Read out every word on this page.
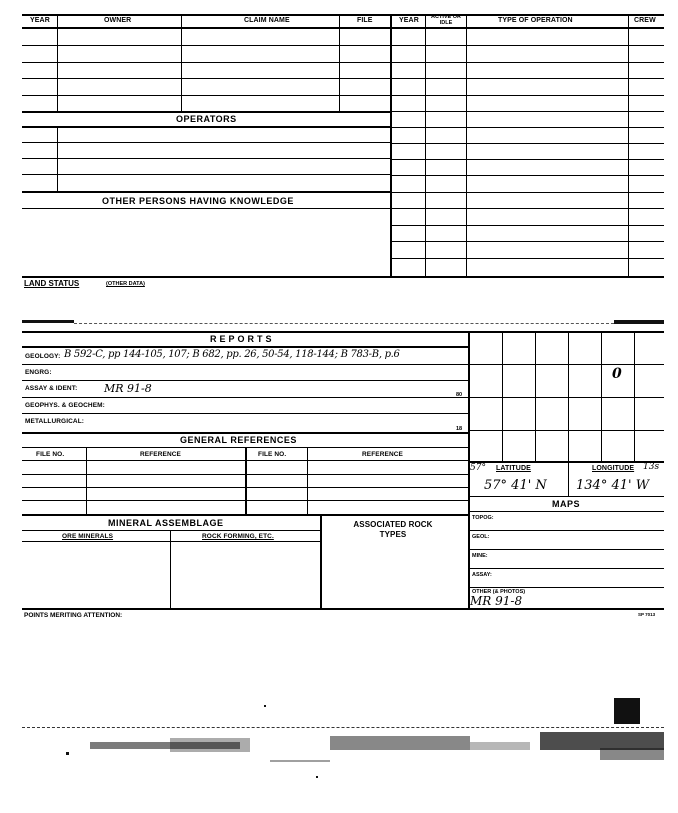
YEAR	OWNER	CLAIM NAME	FILE	YEAR	ACTIVE OR IDLE	TYPE OF OPERATION	CREW
OPERATORS
OTHER PERSONS HAVING KNOWLEDGE
LAND STATUS	(OTHER DATA)
REPORTS
GEOLOGY: B 592-C, pp 144-105, 107; B 682, pp. 26, 50-54, 118-144; B 783-B, p.6
ENGRG:
ASSAY & IDENT: MR 91-8	80
GEOPHYS. & GEOCHEM:
METALLURGICAL:
18
GENERAL REFERENCES
FILE NO.	REFERENCE	FILE NO.	REFERENCE
MINERAL ASSEMBLAGE
ORE MINERALS	ROCK FORMING, ETC.
ASSOCIATED ROCK TYPES
POINTS MERITING ATTENTION:	SP 7013
0
57° LATITUDE	LONGITUDE 13s
57° 41' N 134° 41' W
MAPS
TOPOG:
GEOL:
MINE:
ASSAY:
OTHER (& PHOTOS)
MR 91-8
